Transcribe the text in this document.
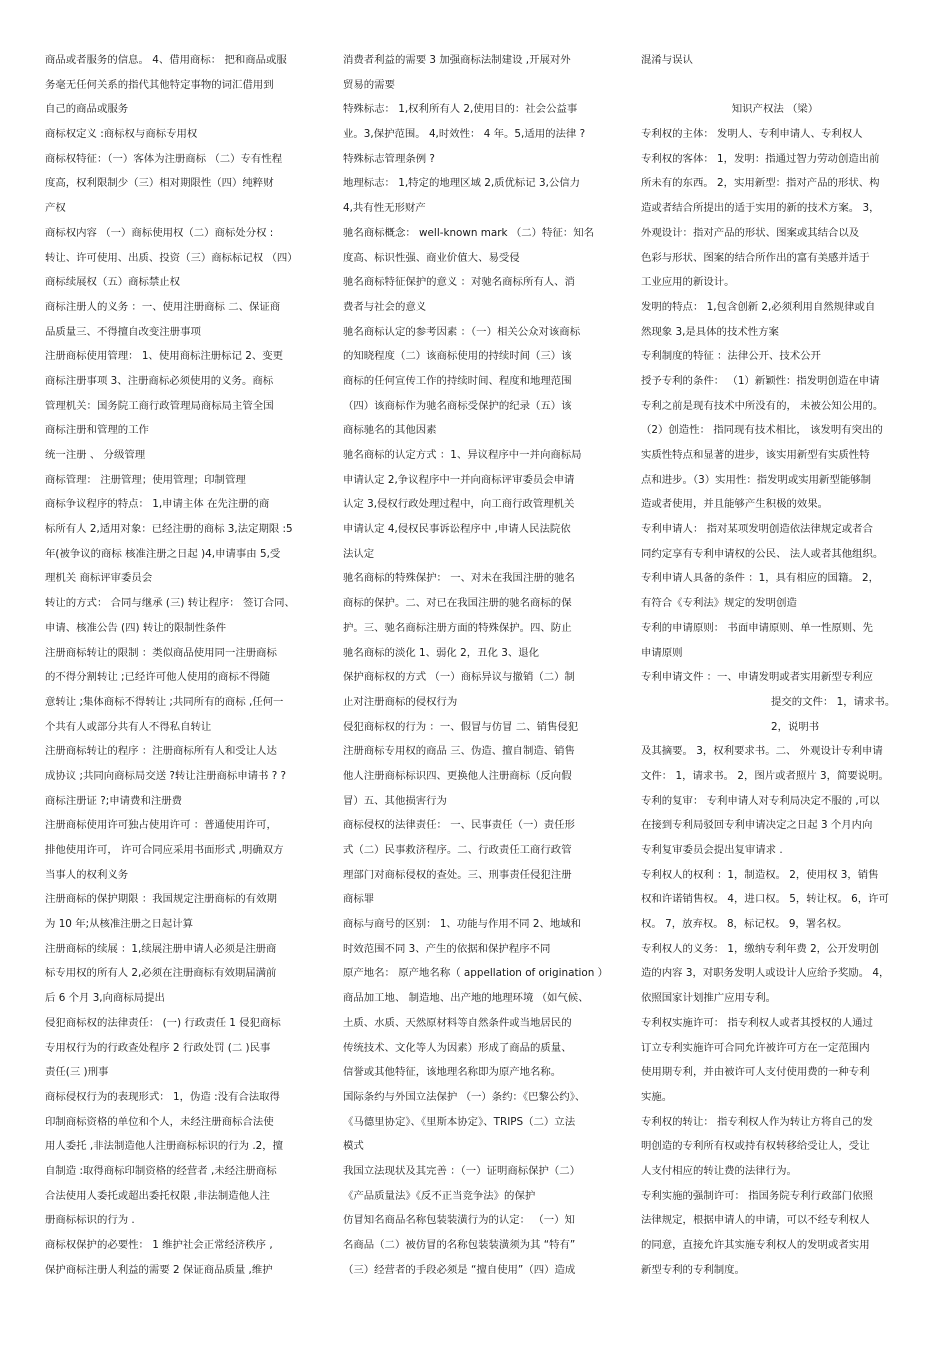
商品或者服务的信息。 4、借用商标： 把和商品或服

务毫无任何关系的指代其他特定事物的词汇借用到

自己的商品或服务

商标权定义 :商标权与商标专用权

商标权特征：（一）客体为注册商标 （二）专有性程

度高，权利限制少（三）相对期限性（四）纯粹财

产权

商标权内容 （一）商标使用权（二）商标处分权 :

转让、许可使用、出质、投资（三）商标标记权 （四）

商标续展权（五）商标禁止权

商标注册人的义务 ：一、使用注册商标 二、保证商

品质量三、不得擅自改变注册事项

注册商标使用管理： 1、使用商标注册标记 2、变更

商标注册事项 3、注册商标必须使用的义务。商标

管理机关：国务院工商行政管理局商标局主管全国

商标注册和管理的工作

统一注册 、 分级管理

商标管理： 注册管理；使用管理；印制管理

商标争议程序的特点： 1,申请主体 在先注册的商

标所有人 2,适用对象：已经注册的商标 3,法定期限 :5

年(被争议的商标 核准注册之日起 )4,申请事由 5,受

理机关 商标评审委员会

转让的方式： 合同与继承 (三) 转让程序： 签订合同、

申请、核准公告 (四) 转让的限制性条件

注册商标转让的限制 ：类似商品使用同一注册商标

的不得分割转让 ;已经许可他人使用的商标不得随

意转让 ;集体商标不得转让 ;共同所有的商标 ,任何一

个共有人或部分共有人不得私自转让

注册商标转让的程序 ：注册商标所有人和受让人达

成协议 ;共同向商标局交送 ?转让注册商标申请书 ? ?

商标注册证 ?;申请费和注册费

注册商标使用许可独占使用许可 ：普通使用许可，

排他使用许可， 许可合同应采用书面形式 ,明确双方

当事人的权利义务

注册商标的保护期限 ：我国规定注册商标的有效期

为 10 年;从核准注册之日起计算

注册商标的续展 ：1,续展注册申请人必须是注册商

标专用权的所有人 2,必须在注册商标有效期届满前

后 6 个月 3,向商标局提出

侵犯商标权的法律责任： (一) 行政责任 1 侵犯商标

专用权行为的行政查处程序 2 行政处罚 (二 )民事

责任(三 )刑事

商标侵权行为的表现形式： 1，伪造 :没有合法取得

印制商标资格的单位和个人，未经注册商标合法使

用人委托 ,非法制造他人注册商标标识的行为 .2，擅

自制造 :取得商标印制资格的经营者 ,未经注册商标

合法使用人委托或超出委托权限 ,非法制造他人注

册商标标识的行为 .

商标权保护的必要性： 1 维护社会正常经济秩序 ,

保护商标注册人利益的需要 2 保证商品质量 ,维护

消费者利益的需要 3 加强商标法制建设 ,开展对外

贸易的需要

特殊标志： 1,权利所有人 2,使用目的：社会公益事

业。3,保护范围。 4,时效性： 4 年。5,适用的法律 ?

特殊标志管理条例 ?

地理标志： 1,特定的地理区域 2,质优标记 3,公信力

4,共有性无形财产

驰名商标概念： well-known mark （二）特征：知名

度高、标识性强、商业价值大、易受侵

驰名商标特征保护的意义 ：对驰名商标所有人、消

费者与社会的意义

驰名商标认定的参考因素 ：（一）相关公众对该商标

的知晓程度（二）该商标使用的持续时间（三）该

商标的任何宣传工作的持续时间、程度和地理范围

（四）该商标作为驰名商标受保护的纪录（五）该

商标驰名的其他因素

驰名商标的认定方式 ：1、异议程序中一并向商标局

申请认定 2,争议程序中一并向商标评审委员会申请

认定 3,侵权行政处理过程中，向工商行政管理机关

申请认定 4,侵权民事诉讼程序中 ,申请人民法院依

法认定

驰名商标的特殊保护： 一、对未在我国注册的驰名

商标的保护。二、对已在我国注册的驰名商标的保

护。三、驰名商标注册方面的特殊保护。四、防止

驰名商标的淡化 1、弱化 2，丑化 3、退化

保护商标权的方式 （一）商标异议与撤销（二）制

止对注册商标的侵权行为

侵犯商标权的行为 ：一、假冒与仿冒 二、销售侵犯

注册商标专用权的商品 三、伪造、擅自制造、销售

他人注册商标标识四、更换他人注册商标（反向假

冒）五、其他损害行为

商标侵权的法律责任： 一、民事责任（一）责任形

式（二）民事救济程序。二、行政责任工商行政管

理部门对商标侵权的查处。三、刑事责任侵犯注册

商标罪

商标与商号的区别： 1、功能与作用不同 2、地域和

时效范围不同 3、产生的依据和保护程序不同

原产地名： 原产地名称（ appellation of origination ）

商品加工地、 制造地、出产地的地理环境 （如气候、

土质、水质、天然原材料等自然条件或当地居民的

传统技术、文化等人为因素）形成了商品的质量、

信誉或其他特征，该地理名称即为原产地名称。

国际条约与外国立法保护 （一）条约：《巴黎公约》、

《马德里协定》、《里斯本协定》、TRIPS（二）立法

模式

我国立法现状及其完善 ：（一）证明商标保护（二）

《产品质量法》《反不正当竞争法》的保护

仿冒知名商品名称包装装潢行为的认定： （一）知

名商品（二）被仿冒的名称包装装潢须为其 “特有”

（三）经营者的手段必须是 “擅自使用”（四）造成

混淆与误认

知识产权法 （梁）

专利权的主体： 发明人、专利申请人、专利权人

专利权的客体： 1，发明：指通过智力劳动创造出前

所未有的东西。 2，实用新型：指对产品的形状、构

造或者结合所提出的适于实用的新的技术方案。 3，

外观设计：指对产品的形状、图案或其结合以及

色彩与形状、图案的结合所作出的富有美感并适于

工业应用的新设计。

发明的特点： 1,包含创新 2,必须利用自然规律或自

然现象 3,是具体的技术性方案

专利制度的特征 ：法律公开、技术公开

授予专利的条件： （1）新颖性：指发明创造在申请

专利之前是现有技术中所没有的， 未被公知公用的。

（2）创造性： 指同现有技术相比， 该发明有突出的

实质性特点和显著的进步，该实用新型有实质性特

点和进步。（3）实用性：指发明或实用新型能够制

造或者使用，并且能够产生积极的效果。

专利申请人： 指对某项发明创造依法律规定或者合

同约定享有专利申请权的公民、 法人或者其他组织。

专利申请人具备的条件 ：1，具有相应的国籍。 2，

有符合《专利法》规定的发明创造

专利的申请原则： 书面申请原则、单一性原则、先

申请原则

专利申请文件 ：一、申请发明或者实用新型专利应

提交的文件： 1，请求书。

2，说明书

及其摘要。 3，权利要求书。二、 外观设计专利申请

文件： 1，请求书。 2，图片或者照片 3，简要说明。

专利的复审： 专利申请人对专利局决定不服的 ,可以

在接到专利局驳回专利申请决定之日起 3 个月内向

专利复审委员会提出复审请求 .

专利权人的权利 ：1，制造权。 2，使用权 3，销售

权和许诺销售权。 4，进口权。 5，转让权。 6，许可

权。 7，放弃权。 8，标记权。 9，署名权。

专利权人的义务： 1，缴纳专利年费 2，公开发明创

造的内容 3，对职务发明人或设计人应给予奖励。 4，

依照国家计划推广应用专利。

专利权实施许可： 指专利权人或者其授权的人通过

订立专利实施许可合同允许被许可方在一定范围内

使用期专利，并由被许可人支付使用费的一种专利

实施。

专利权的转让： 指专利权人作为转让方将自己的发

明创造的专利所有权或持有权转移给受让人，受让

人支付相应的转让费的法律行为。

专利实施的强制许可： 指国务院专利行政部门依照

法律规定，根据申请人的申请，可以不经专利权人

的同意，直接允许其实施专利权人的发明或者实用

新型专利的专利制度。
